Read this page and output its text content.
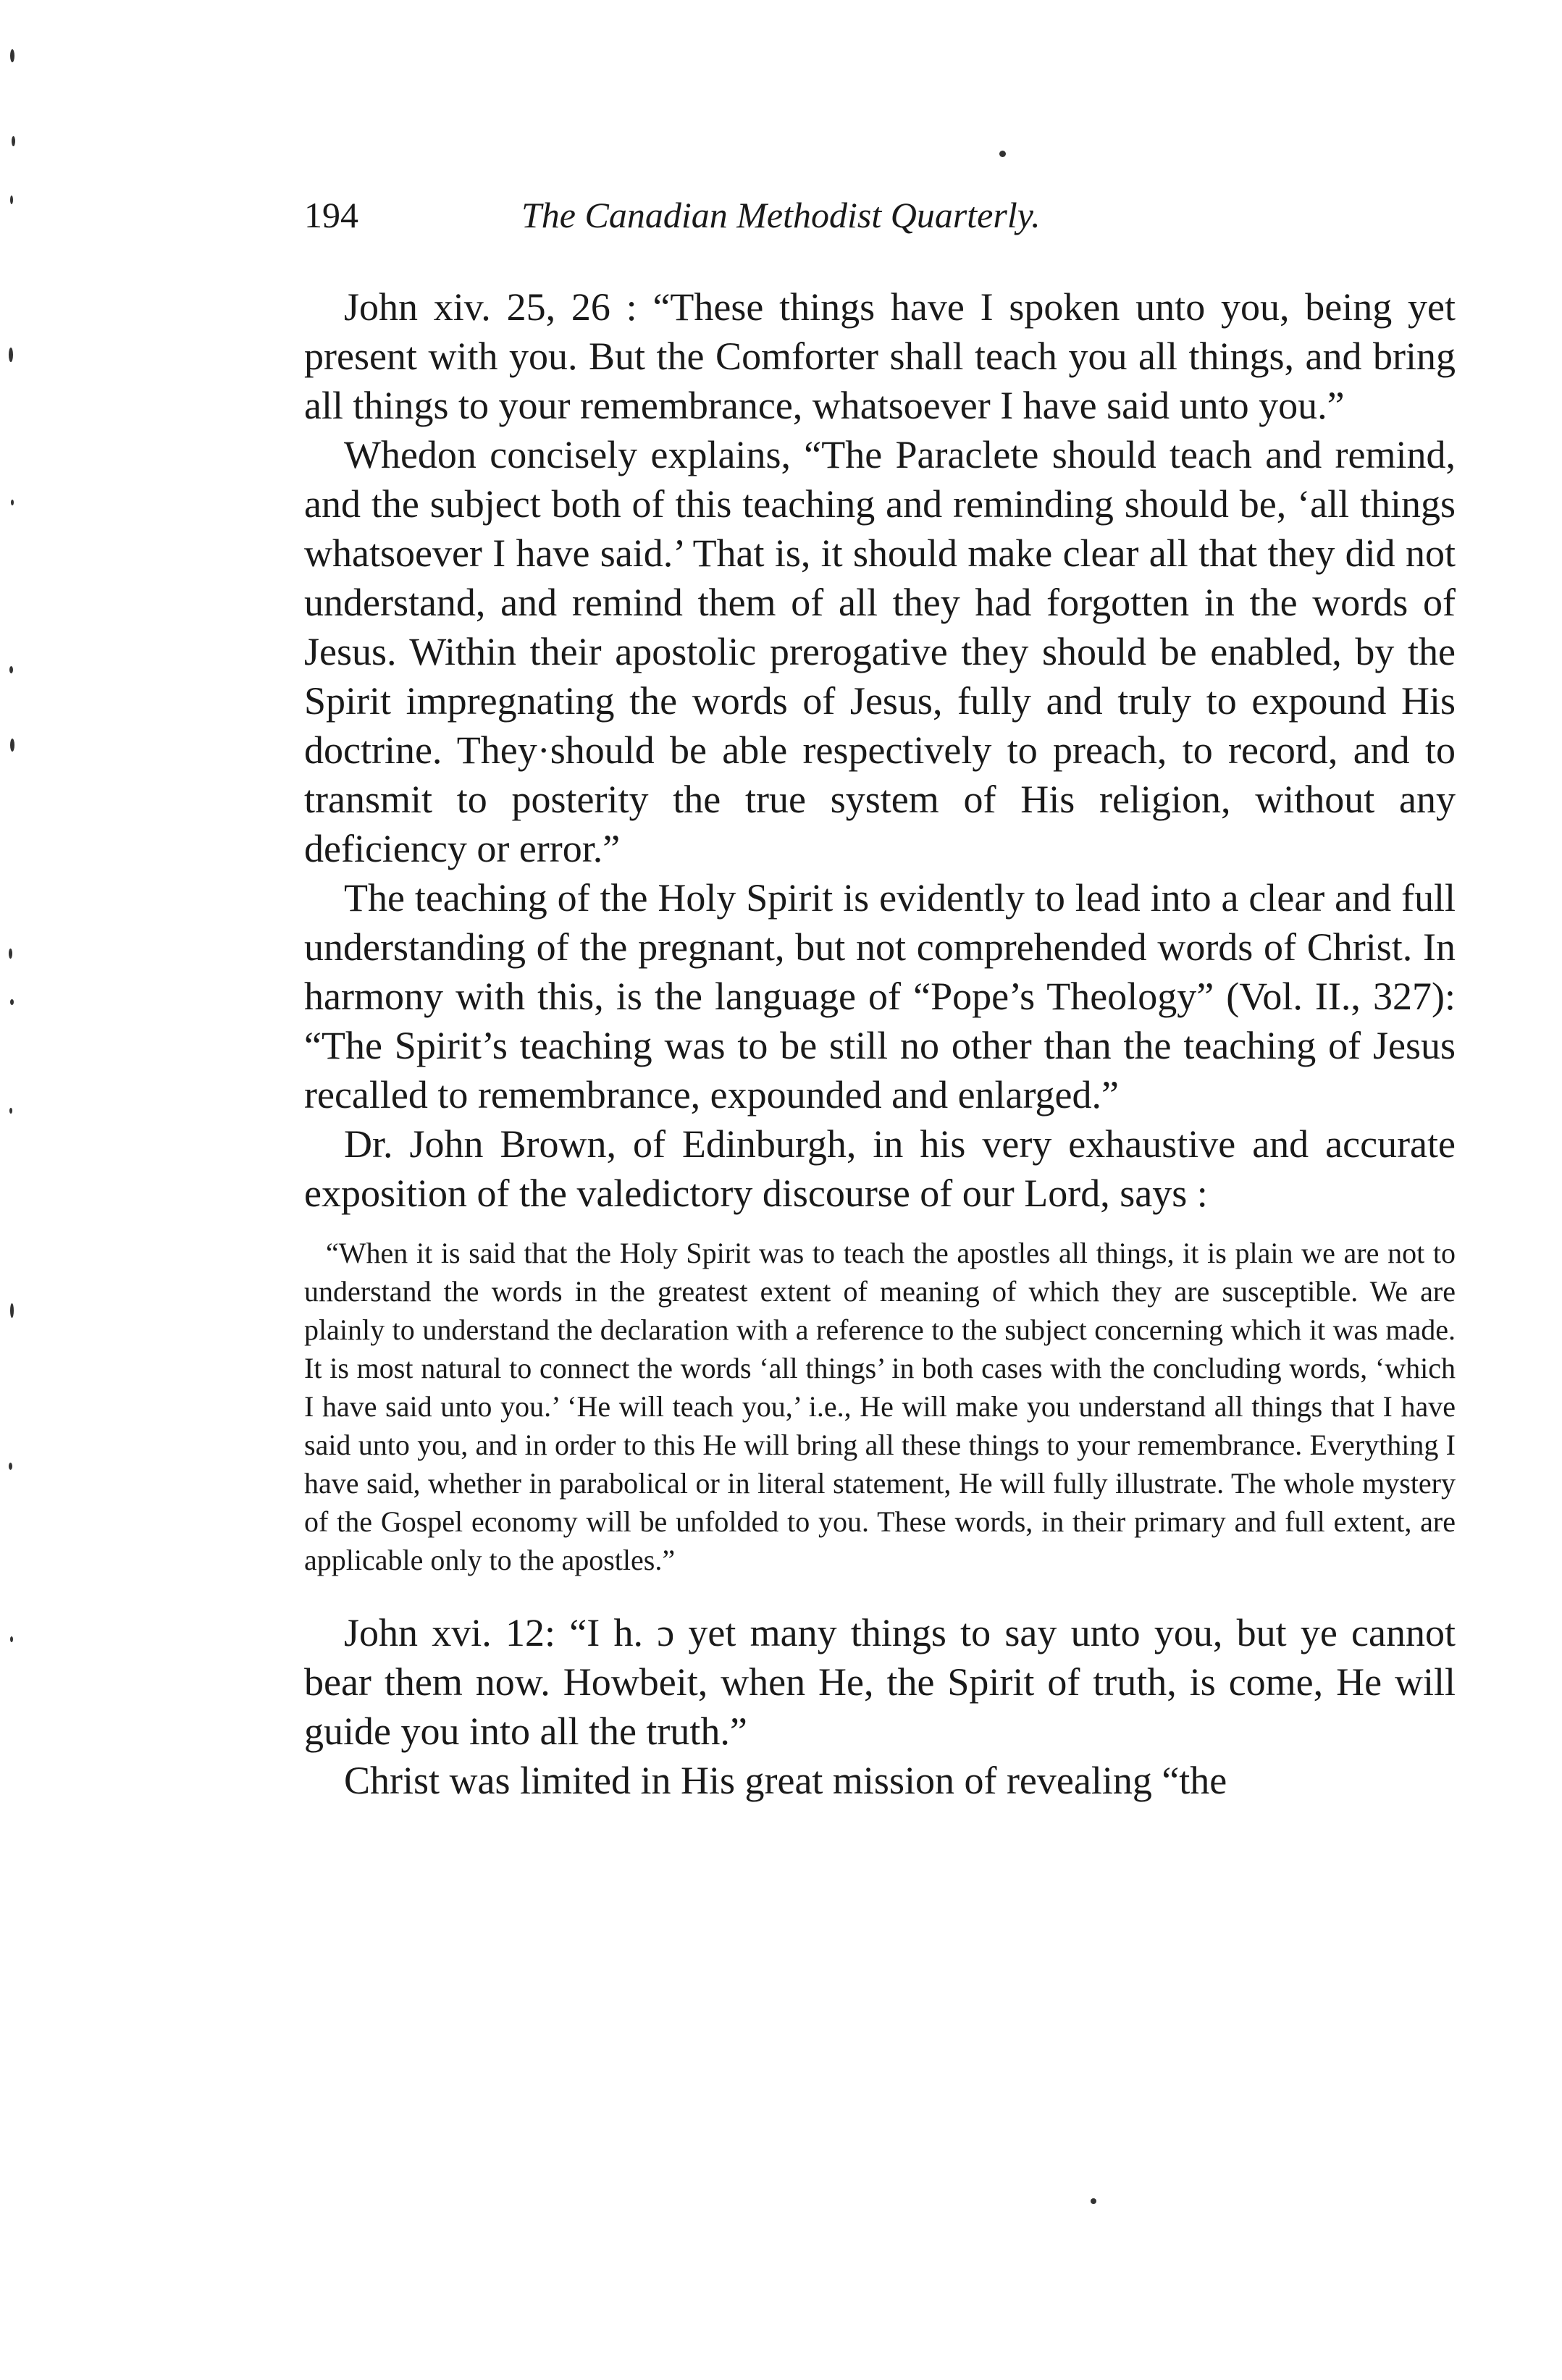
194	The Canadian Methodist Quarterly.

John xiv. 25, 26 : “These things have I spoken unto you, being yet present with you. But the Comforter shall teach you all things, and bring all things to your remembrance, whatsoever I have said unto you.”

Whedon concisely explains, “The Paraclete should teach and remind, and the subject both of this teaching and reminding should be, ‘all things whatsoever I have said.’ That is, it should make clear all that they did not understand, and remind them of all they had forgotten in the words of Jesus. Within their apostolic prerogative they should be enabled, by the Spirit impregnating the words of Jesus, fully and truly to expound His doctrine. They·should be able respectively to preach, to record, and to transmit to posterity the true system of His religion, without any deficiency or error.”

The teaching of the Holy Spirit is evidently to lead into a clear and full understanding of the pregnant, but not comprehended words of Christ. In harmony with this, is the language of “Pope’s Theology” (Vol. II., 327): “The Spirit’s teaching was to be still no other than the teaching of Jesus recalled to remembrance, expounded and enlarged.”

Dr. John Brown, of Edinburgh, in his very exhaustive and accurate exposition of the valedictory discourse of our Lord, says :

“When it is said that the Holy Spirit was to teach the apostles all things, it is plain we are not to understand the words in the greatest extent of meaning of which they are susceptible. We are plainly to understand the declaration with a reference to the subject concerning which it was made. It is most natural to connect the words ‘all things’ in both cases with the concluding words, ‘which I have said unto you.’ ‘He will teach you,’ i.e., He will make you understand all things that I have said unto you, and in order to this He will bring all these things to your remembrance. Everything I have said, whether in parabolical or in literal statement, He will fully illustrate. The whole mystery of the Gospel economy will be unfolded to you. These words, in their primary and full extent, are applicable only to the apostles.”

John xvi. 12: “I h. ɔ yet many things to say unto you, but ye cannot bear them now. Howbeit, when He, the Spirit of truth, is come, He will guide you into all the truth.”

Christ was limited in His great mission of revealing “the
